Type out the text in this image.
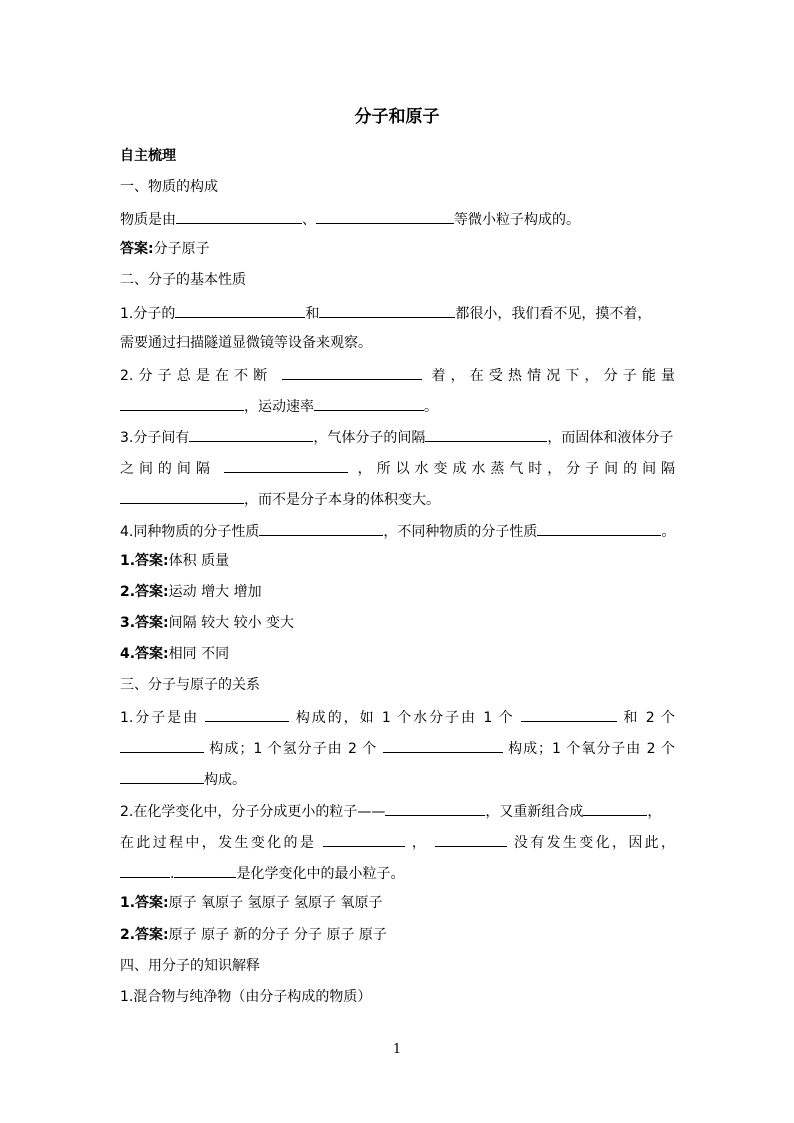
分子和原子
自主梳理
一、物质的构成
物质是由	、	等微小粒子构成的。
答案:分子原子
二、分子的基本性质
1.分子的	和	都很小，我们看不见，摸不着，
需要通过扫描隧道显微镜等设备来观察。
2.分子总是在不断	着，在受热情况下，分子能量
，运动速率	。
3.分子间有	，气体分子的间隔	，而固体和液体分子
之间的间隔	，所以水变成水蒸气时，分子间的间隔
，而不是分子本身的体积变大。
4.同种物质的分子性质	，不同种物质的分子性质	。
1.答案:体积 质量
2.答案:运动 增大 增加
3.答案:间隔 较大 较小 变大
4.答案:相同 不同
三、分子与原子的关系
1.分子是由	构成的，如 1 个水分子由 1 个	和 2 个
构成；1 个氢分子由 2 个	构成；1 个氧分子由 2 个
构成。
2.在化学变化中，分子分成更小的粒子——	，又重新组合成	，
在此过程中，发生变化的是	，	没有发生变化，因此，
.	是化学变化中的最小粒子。
1.答案:原子 氧原子 氢原子 氢原子 氧原子
2.答案:原子 原子 新的分子 分子 原子 原子
四、用分子的知识解释
1.混合物与纯净物（由分子构成的物质）
1
